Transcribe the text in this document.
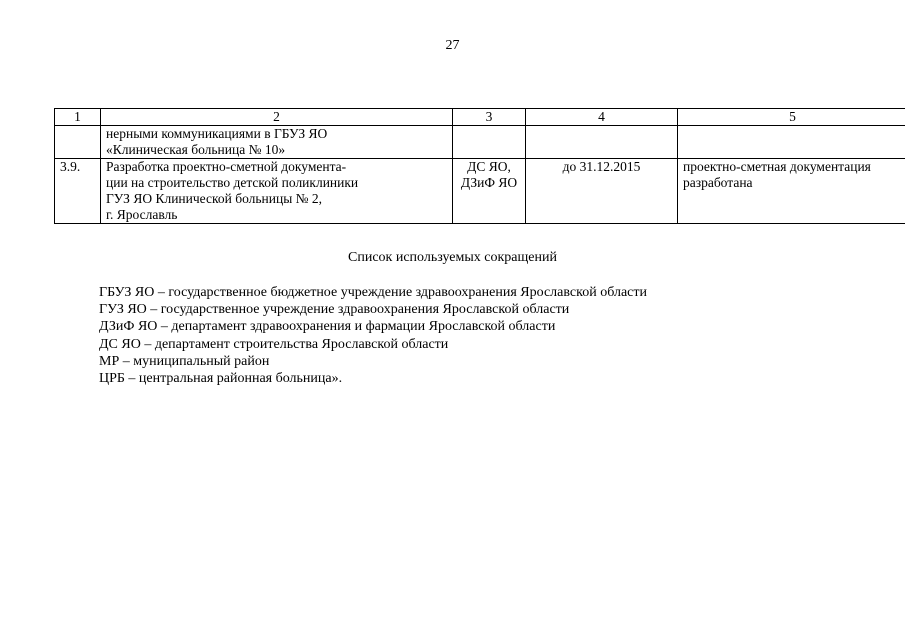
27
1	2	3	4	5

	нерными коммуникациями в ГБУЗ ЯО
«Клиническая больница № 10»			

3.9.	Разработка проектно-сметной документа-
ции на строительство детской поликлиники
ГУЗ ЯО Клинической больницы № 2,
г. Ярославль	ДС ЯО,
ДЗиФ ЯО	до 31.12.2015	проектно-сметная документация
разработана
Список используемых сокращений
ГБУЗ ЯО – государственное бюджетное учреждение здравоохранения Ярославской области
ГУЗ ЯО – государственное учреждение здравоохранения Ярославской области
ДЗиФ ЯО – департамент здравоохранения и фармации Ярославской области
ДС ЯО – департамент строительства Ярославской области
МР – муниципальный район
ЦРБ – центральная районная больница».
